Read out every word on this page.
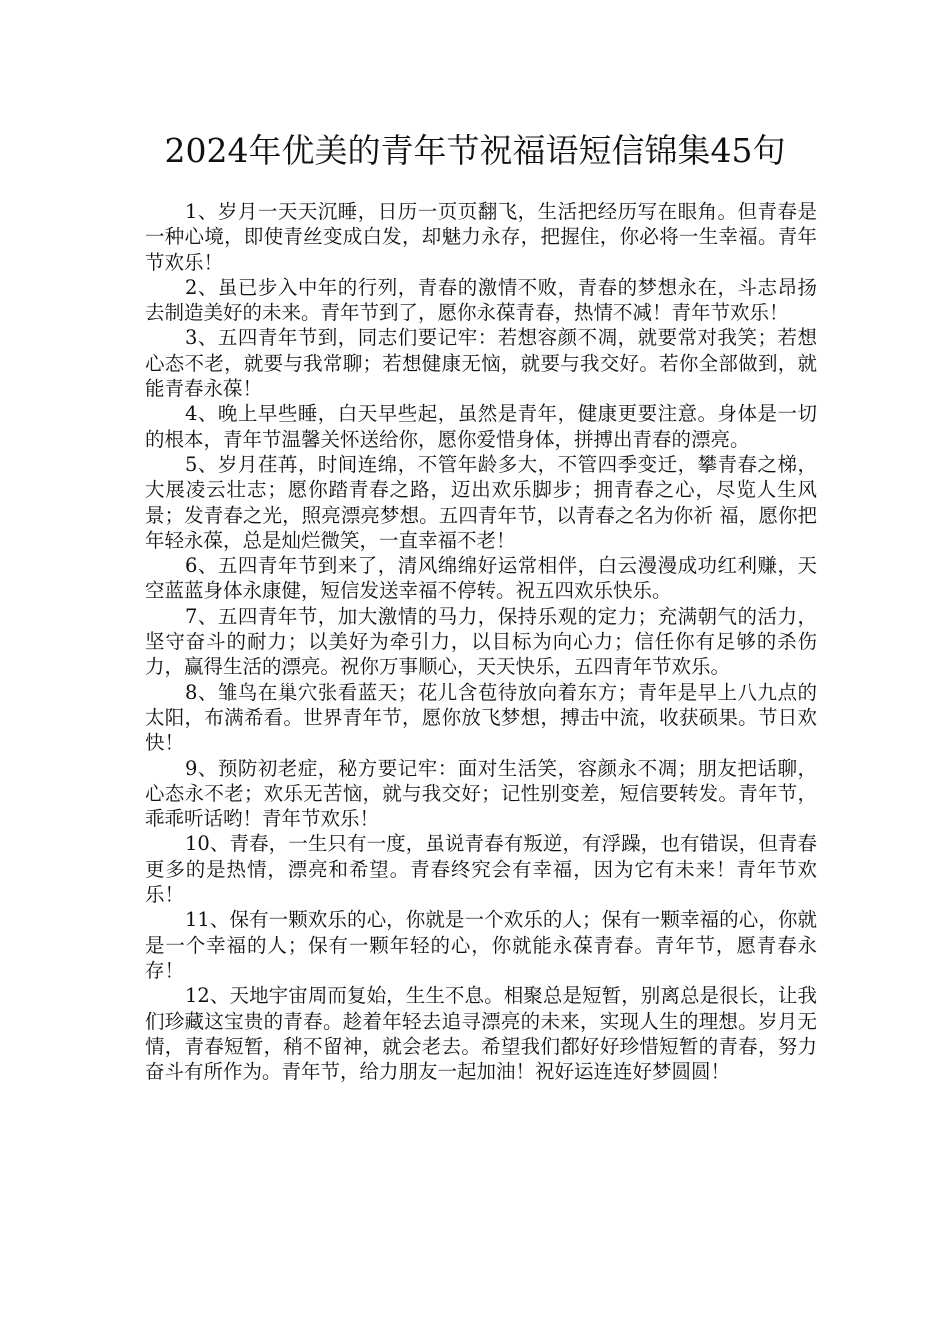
2024年优美的青年节祝福语短信锦集45句

1、岁月一天天沉睡，日历一页页翻飞，生活把经历写在眼角。但青春是一种心境，即使青丝变成白发，却魅力永存，把握住，你必将一生幸福。青年节欢乐！

2、虽已步入中年的行列，青春的激情不败，青春的梦想永在，斗志昂扬去制造美好的未来。青年节到了，愿你永葆青春，热情不减！青年节欢乐！

3、五四青年节到，同志们要记牢：若想容颜不凋，就要常对我笑；若想心态不老，就要与我常聊；若想健康无恼，就要与我交好。若你全部做到，就能青春永葆！

4、晚上早些睡，白天早些起，虽然是青年，健康更要注意。身体是一切的根本，青年节温馨关怀送给你，愿你爱惜身体，拼搏出青春的漂亮。

5、岁月荏苒，时间连绵，不管年龄多大，不管四季变迁，攀青春之梯，大展凌云壮志；愿你踏青春之路，迈出欢乐脚步；拥青春之心，尽览人生风景；发青春之光，照亮漂亮梦想。五四青年节，以青春之名为你祈 福，愿你把年轻永葆，总是灿烂微笑，一直幸福不老！

6、五四青年节到来了，清风绵绵好运常相伴，白云漫漫成功红利赚，天空蓝蓝身体永康健，短信发送幸福不停转。祝五四欢乐快乐。

7、五四青年节，加大激情的马力，保持乐观的定力；充满朝气的活力，坚守奋斗的耐力；以美好为牵引力，以目标为向心力；信任你有足够的杀伤力，赢得生活的漂亮。祝你万事顺心，天天快乐，五四青年节欢乐。

8、雏鸟在巢穴张看蓝天；花儿含苞待放向着东方；青年是早上八九点的太阳，布满希看。世界青年节，愿你放飞梦想，搏击中流，收获硕果。节日欢快！

9、预防初老症，秘方要记牢：面对生活笑，容颜永不凋；朋友把话聊，心态永不老；欢乐无苦恼，就与我交好；记性别变差，短信要转发。青年节，乖乖听话哟！青年节欢乐！

10、青春，一生只有一度，虽说青春有叛逆，有浮躁，也有错误，但青春更多的是热情，漂亮和希望。青春终究会有幸福，因为它有未来！青年节欢乐！

11、保有一颗欢乐的心，你就是一个欢乐的人；保有一颗幸福的心，你就是一个幸福的人；保有一颗年轻的心，你就能永葆青春。青年节，愿青春永存！

12、天地宇宙周而复始，生生不息。相聚总是短暂，别离总是很长，让我们珍藏这宝贵的青春。趁着年轻去追寻漂亮的未来，实现人生的理想。岁月无情，青春短暂，稍不留神，就会老去。希望我们都好好珍惜短暂的青春，努力奋斗有所作为。青年节，给力朋友一起加油！祝好运连连好梦圆圆！
